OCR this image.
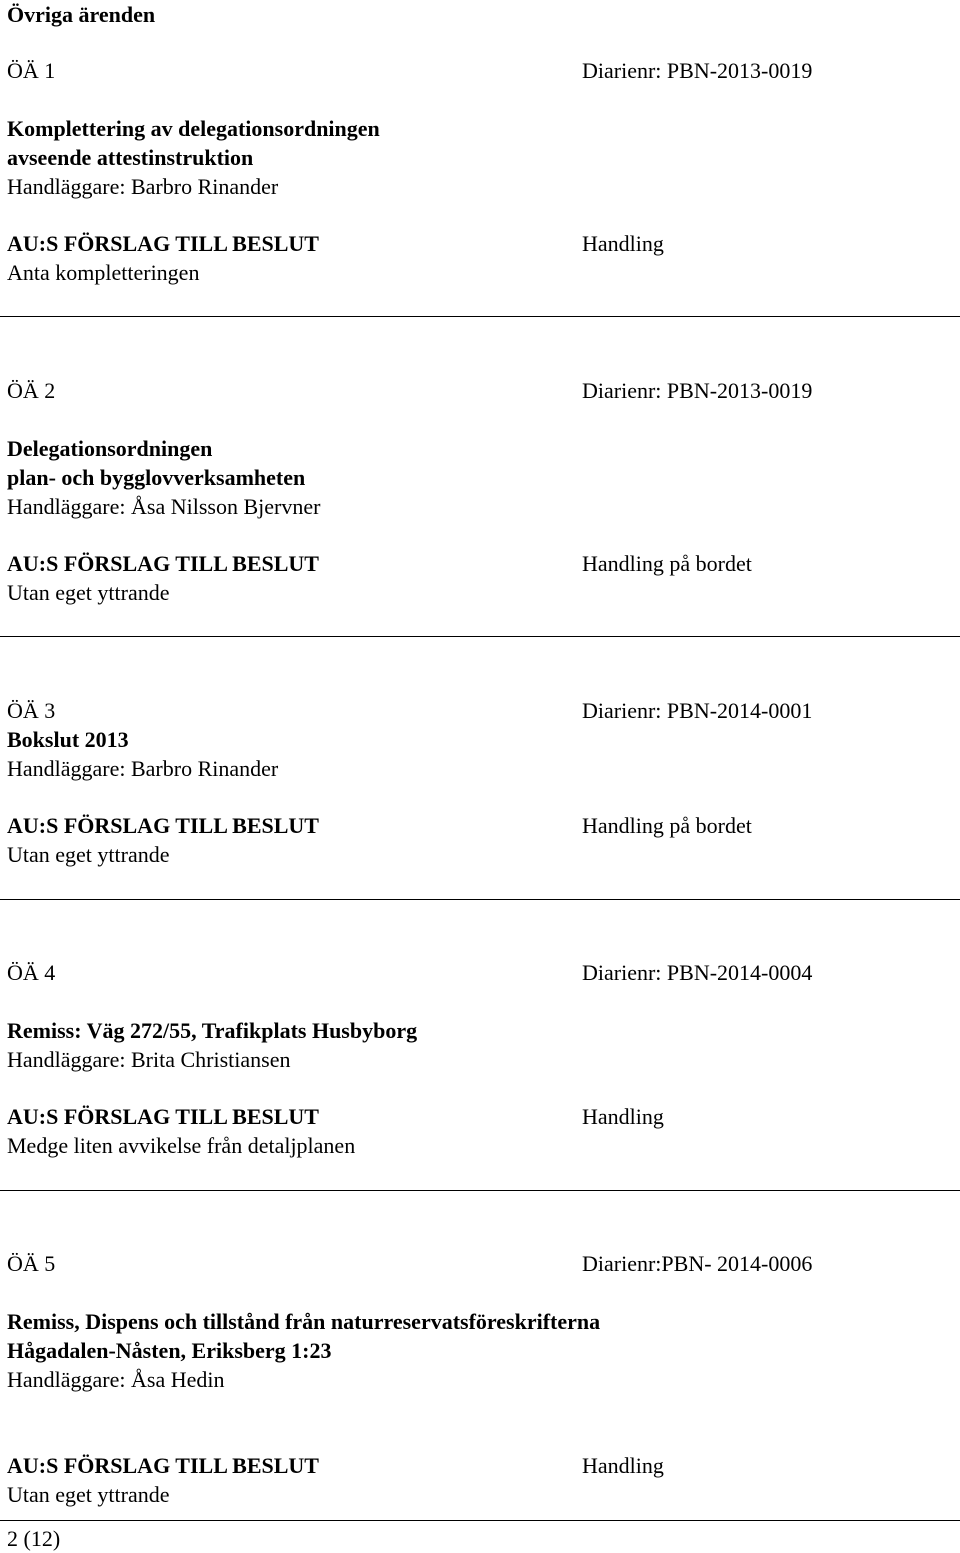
Övriga ärenden

ÖÄ 1	Diarienr: PBN-2013-0019

Komplettering av delegationsordningen

avseende attestinstruktion

Handläggare: Barbro Rinander

AU:S FÖRSLAG TILL BESLUT	Handling

Anta kompletteringen

ÖÄ 2	Diarienr: PBN-2013-0019

Delegationsordningen

plan- och bygglovverksamheten

Handläggare: Åsa Nilsson Bjervner

AU:S FÖRSLAG TILL BESLUT	Handling på bordet

Utan eget yttrande

ÖÄ 3	Diarienr: PBN-2014-0001

Bokslut 2013

Handläggare: Barbro Rinander

AU:S FÖRSLAG TILL BESLUT	Handling på bordet

Utan eget yttrande

ÖÄ 4	Diarienr: PBN-2014-0004

Remiss: Väg 272/55, Trafikplats Husbyborg

Handläggare: Brita Christiansen

AU:S FÖRSLAG TILL BESLUT	Handling

Medge liten avvikelse från detaljplanen

ÖÄ 5	Diarienr:PBN- 2014-0006

Remiss, Dispens och tillstånd från naturreservatsföreskrifterna

Hågadalen-Nåsten, Eriksberg 1:23

Handläggare: Åsa Hedin

AU:S FÖRSLAG TILL BESLUT	Handling

Utan eget yttrande

2 (12)
